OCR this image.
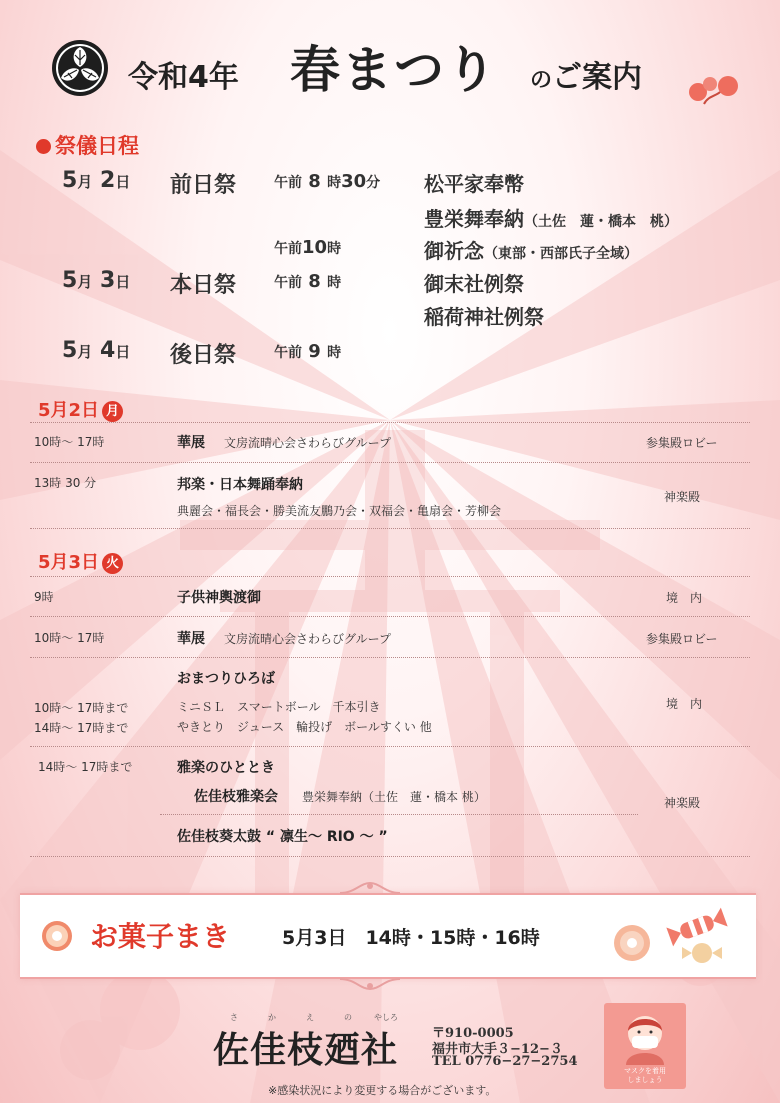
令和4年 春まつり のご案内
祭儀日程
5月 2日 前日祭	午前 8 時30分 松平家奉幣
豊栄舞奉納（土佐　蓮・橋本　桃）
午前10時	御祈念（東部・西部氏子全域）
5月 3日 本日祭	午前 8 時	御末社例祭
稲荷神社例祭
5月 4日 後日祭	午前 9 時
5月2日 月
10時～ 17時	華展 文房流晴心会さわらびグループ	参集殿ロビー
13時 30 分	邦楽・日本舞踊奉納
典麗会・福長会・勝美流友鵬乃会・双福会・亀扇会・芳柳会
神楽殿
5月3日 火
9時	子供神輿渡御	境　内
10時～ 17時	華展 文房流晴心会さわらびグループ	参集殿ロビー
おまつりひろば
10時～ 17時まで	ミニＳＬ　スマートボール　千本引き
14時～ 17時まで	やきとり　ジュース　輪投げ　ボールすくい 他
境　内
14時～ 17時まで	雅楽のひととき
佐佳枝雅楽会 豊栄舞奉納（土佐　蓮・橋本 桃）
佐佳枝葵太鼓 “ 凛生～ RIO ～ ”
神楽殿
お菓子まき	5月3日　14時・15時・16時
さ	か	え	の	やしろ
佐佳枝廼社	〒910-0005
福井市大手３−12−３
TEL 0776−27−2754
※感染状況により変更する場合がございます。
マスクを着用
しましょう
